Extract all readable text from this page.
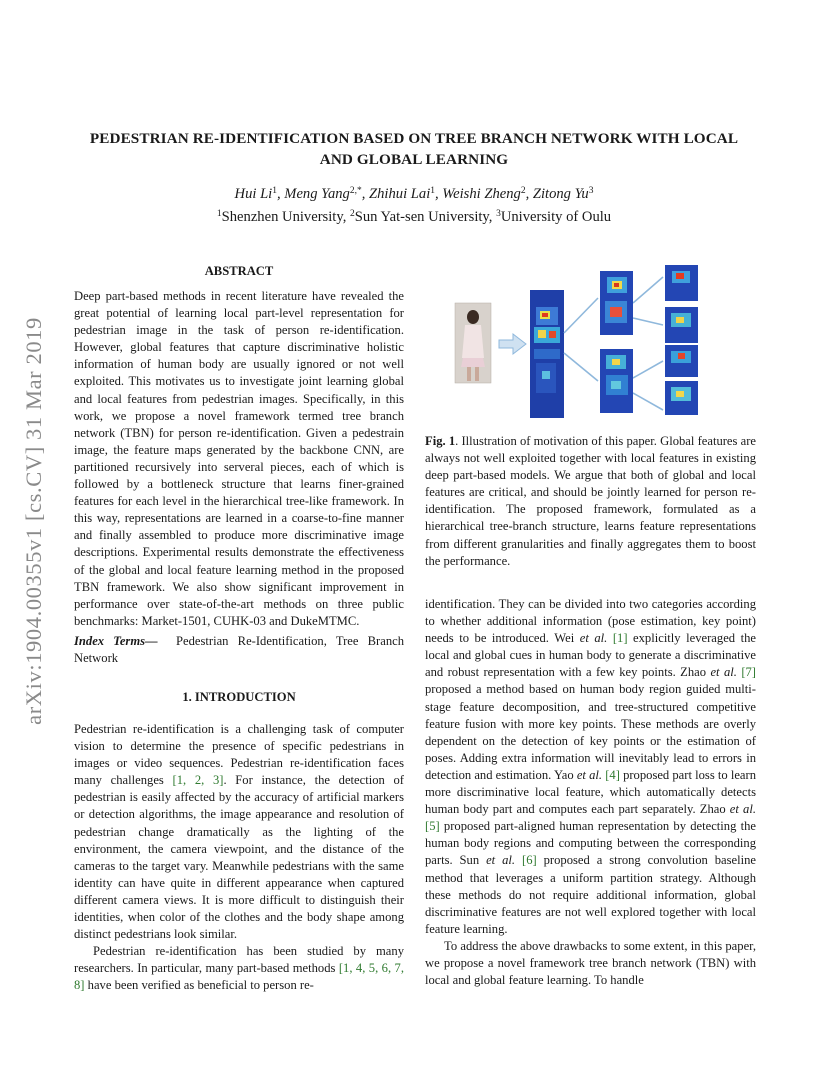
arXiv:1904.00355v1 [cs.CV] 31 Mar 2019
PEDESTRIAN RE-IDENTIFICATION BASED ON TREE BRANCH NETWORK WITH LOCAL
AND GLOBAL LEARNING
Hui Li$^1$, Meng Yang$^{2,*}$, Zhihui Lai$^1$, Weishi Zheng$^2$, Zitong Yu$^3$
$^1$Shenzhen University, $^2$Sun Yat-sen University, $^3$University of Oulu
ABSTRACT

Deep part-based methods in recent literature have revealed the great potential of learning local part-level representation for pedestrian image in the task of person re-identification. However, global features that capture discriminative holistic information of human body are usually ignored or not well exploited. This motivates us to investigate joint learning global and local features from pedestrian images. Specifically, in this work, we propose a novel framework termed tree branch network (TBN) for person re-identification. Given a pedestrain image, the feature maps generated by the backbone CNN, are partitioned recursively into serveral pieces, each of which is followed by a bottleneck structure that learns finer-grained features for each level in the hierarchical tree-like framework. In this way, representations are learned in a coarse-to-fine manner and finally assembled to produce more discriminative image descriptions. Experimental results demonstrate the effectiveness of the global and local feature learning method in the proposed TBN framework. We also show significant improvement in performance over state-of-the-art methods on three public benchmarks: Market-1501, CUHK-03 and DukeMTMC.

Index Terms— Pedestrian Re-Identification, Tree Branch Network

1. INTRODUCTION

Pedestrian re-identification is a challenging task of computer vision to determine the presence of specific pedestrians in images or video sequences. Pedestrian re-identification faces many challenges [1, 2, 3]. For instance, the detection of pedestrian is easily affected by the accuracy of artificial markers or detection algorithms, the image appearance and resolution of pedestrian change dramatically as the lighting of the environment, the camera viewpoint, and the distance of the cameras to the target vary. Meanwhile pedestrians with the same identity can have quite in different appearance when captured different camera views. It is more difficult to distinguish their identities, when color of the clothes and the body shape among distinct pedestrians look similar.

Pedestrian re-identification has been studied by many researchers. In particular, many part-based methods [1, 4, 5, 6, 7, 8] have been verified as beneficial to person re-

Fig. 1. Illustration of motivation of this paper. Global features are always not well exploited together with local features in existing deep part-based models. We argue that both of global and local features are critical, and should be jointly learned for person re-identification. The proposed framework, formulated as a hierarchical tree-branch structure, learns feature representations from different granularities and finally aggregates them to boost the performance.

identification. They can be divided into two categories according to whether additional information (pose estimation, key point) needs to be introduced. Wei et al. [1] explicitly leveraged the local and global cues in human body to generate a discriminative and robust representation with a few key points. Zhao et al. [7] proposed a method based on human body region guided multi-stage feature decomposition, and tree-structured competitive feature fusion with more key points. These methods are overly dependent on the detection of key points or the estimation of poses. Adding extra information will inevitably lead to errors in detection and estimation. Yao et al. [4] proposed part loss to learn more discriminative local feature, which automatically detects human body part and computes each part separately. Zhao et al. [5] proposed part-aligned human representation by detecting the human body regions and computing between the corresponding parts. Sun et al. [6] proposed a strong convolution baseline method that leverages a uniform partition strategy. Although these methods do not require additional information, global discriminative features are not well explored together with local feature learning.

To address the above drawbacks to some extent, in this paper, we propose a novel framework tree branch network (TBN) with local and global feature learning. To handle
